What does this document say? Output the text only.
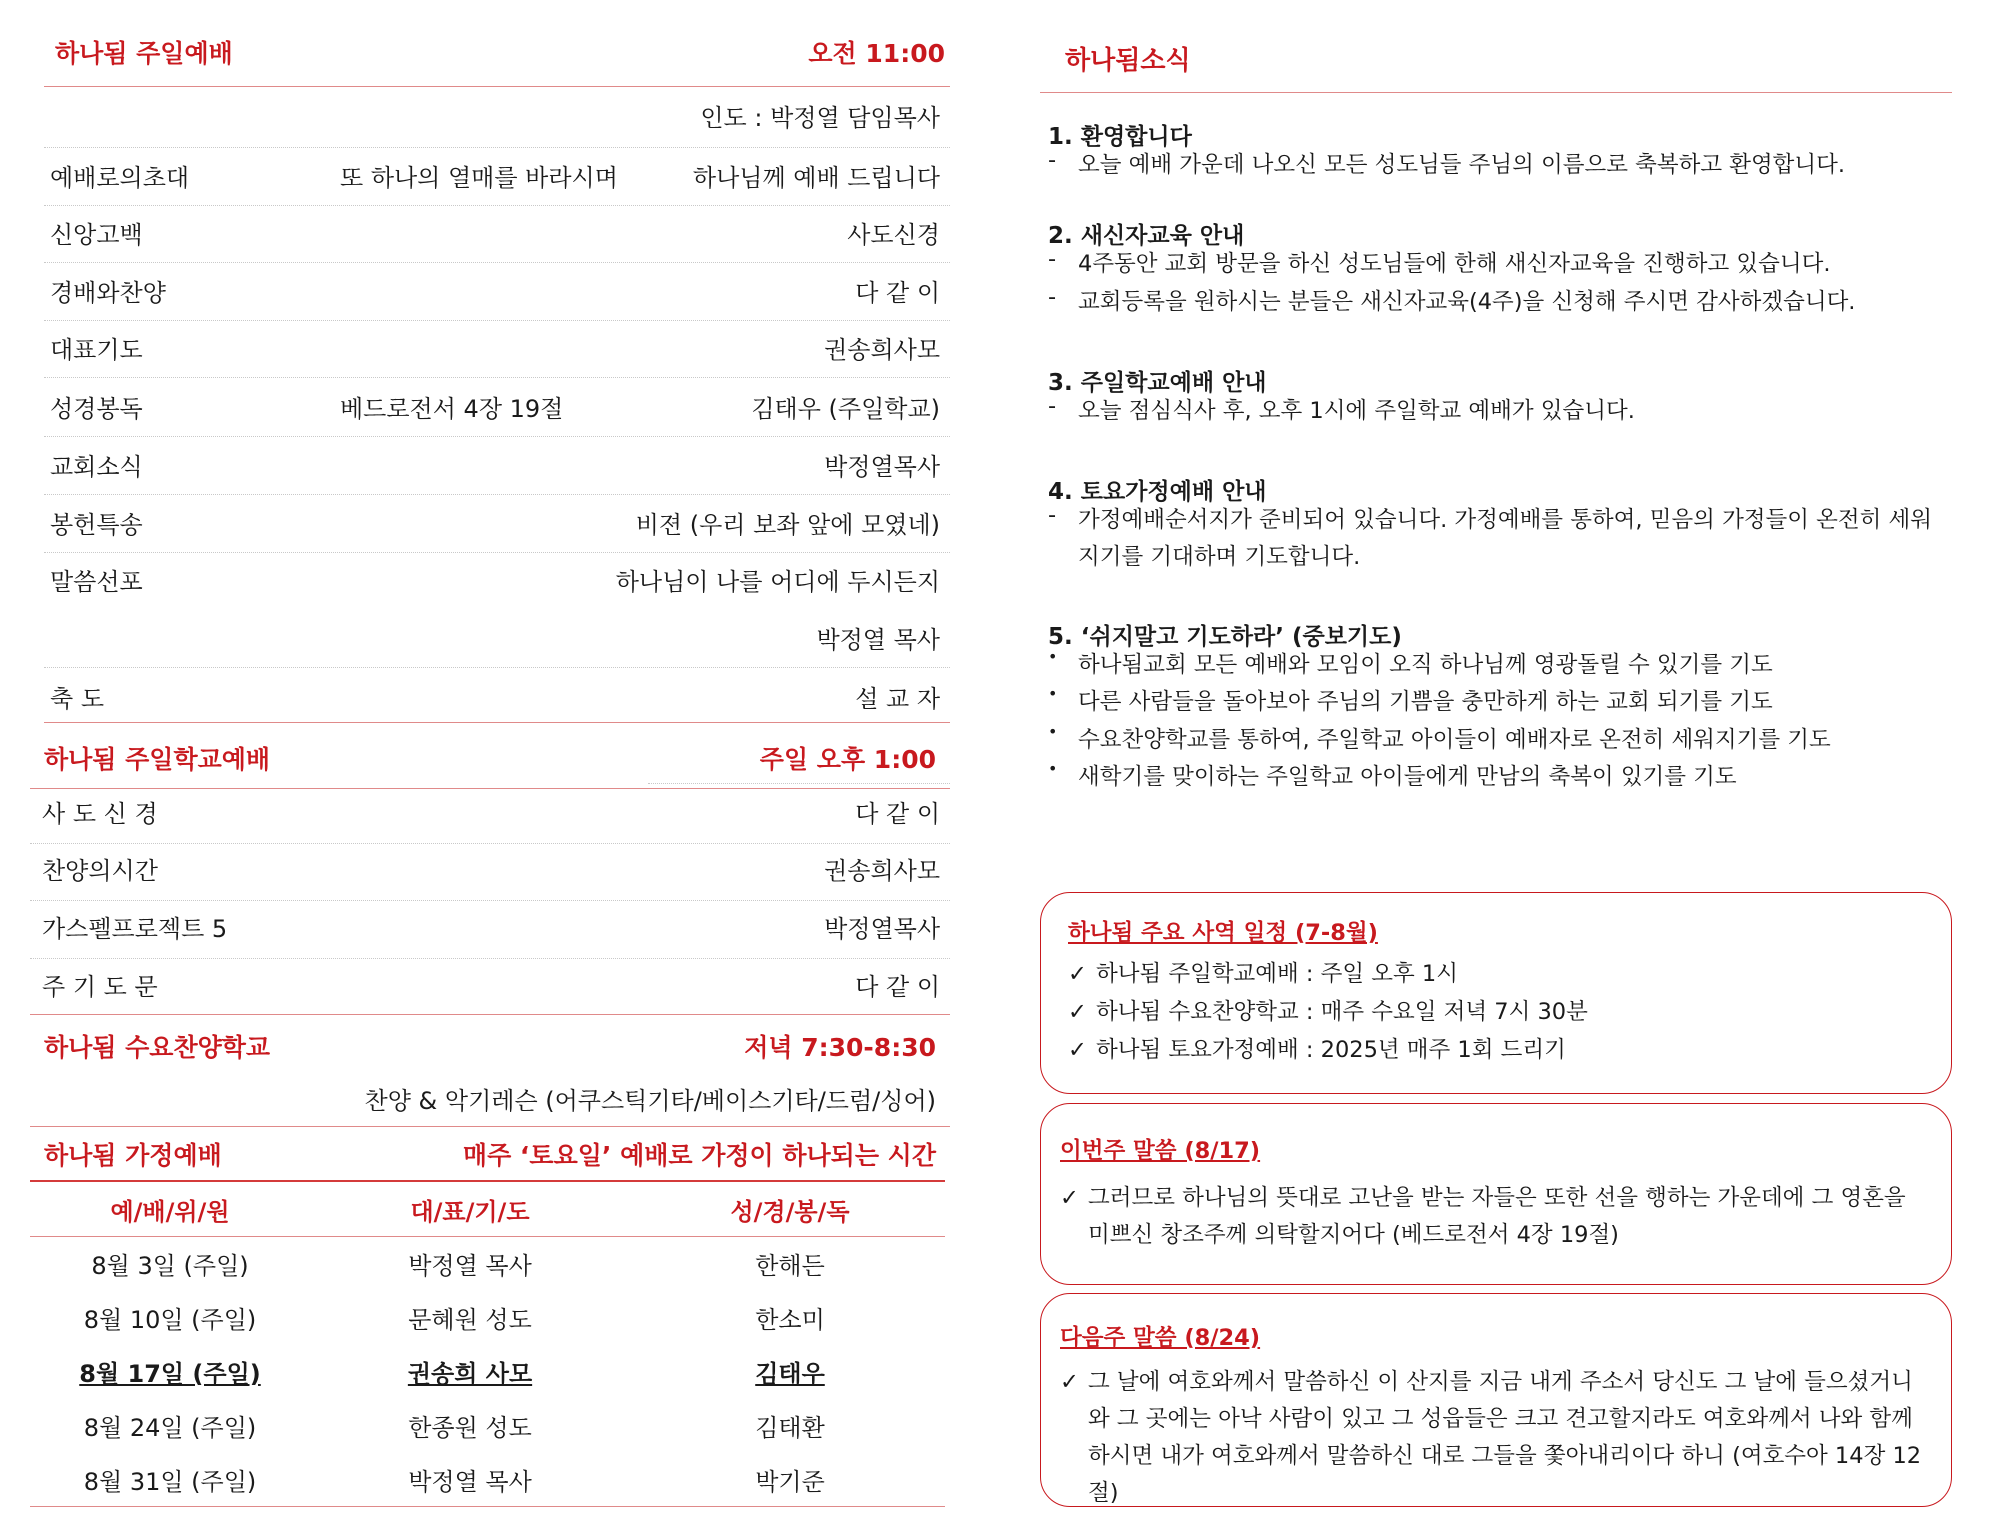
하나됨 주일예배	오전 11:00
인도 : 박정열 담임목사
예배로의초대	또 하나의 열매를 바라시며	하나님께 예배 드립니다
신앙고백	사도신경
경배와찬양	다 같 이
대표기도	권송희사모
성경봉독	베드로전서 4장 19절	김태우 (주일학교)
교회소식	박정열목사
봉헌특송	비젼 (우리 보좌 앞에 모였네)
말씀선포	하나님이 나를 어디에 두시든지
박정열 목사
축 도	설 교 자
하나됨 주일학교예배	주일 오후 1:00
사 도 신 경	다 같 이
찬양의시간	권송희사모
가스펠프로젝트 5	박정열목사
주 기 도 문	다 같 이
하나됨 수요찬양학교	저녁 7:30-8:30
찬양 & 악기레슨 (어쿠스틱기타/베이스기타/드럼/싱어)
하나됨 가정예배	매주 ‘토요일’ 예배로 가정이 하나되는 시간
예/배/위/원	대/표/기/도	성/경/봉/독
8월 3일 (주일)	박정열 목사	한해든
8월 10일 (주일)	문혜원 성도	한소미
8월 17일 (주일)	권송희 사모	김태우
8월 24일 (주일)	한종원 성도	김태환
8월 31일 (주일)	박정열 목사	박기준
하나됨소식
1. 환영합니다
- 오늘 예배 가운데 나오신 모든 성도님들 주님의 이름으로 축복하고 환영합니다.
2. 새신자교육 안내
- 4주동안 교회 방문을 하신 성도님들에 한해 새신자교육을 진행하고 있습니다.
- 교회등록을 원하시는 분들은 새신자교육(4주)을 신청해 주시면 감사하겠습니다.
3. 주일학교예배 안내
- 오늘 점심식사 후, 오후 1시에 주일학교 예배가 있습니다.
4. 토요가정예배 안내
- 가정예배순서지가 준비되어 있습니다. 가정예배를 통하여, 믿음의 가정들이 온전히 세워지기를 기대하며 기도합니다.
5. ‘쉬지말고 기도하라’ (중보기도)
• 하나됨교회 모든 예배와 모임이 오직 하나님께 영광돌릴 수 있기를 기도
• 다른 사람들을 돌아보아 주님의 기쁨을 충만하게 하는 교회 되기를 기도
• 수요찬양학교를 통하여, 주일학교 아이들이 예배자로 온전히 세워지기를 기도
• 새학기를 맞이하는 주일학교 아이들에게 만남의 축복이 있기를 기도
하나됨 주요 사역 일정 (7-8월)
✓ 하나됨 주일학교예배 : 주일 오후 1시
✓ 하나됨 수요찬양학교 : 매주 수요일 저녁 7시 30분
✓ 하나됨 토요가정예배 : 2025년 매주 1회 드리기
이번주 말씀 (8/17)
✓ 그러므로 하나님의 뜻대로 고난을 받는 자들은 또한 선을 행하는 가운데에 그 영혼을 미쁘신 창조주께 의탁할지어다 (베드로전서 4장 19절)
다음주 말씀 (8/24)
✓ 그 날에 여호와께서 말씀하신 이 산지를 지금 내게 주소서 당신도 그 날에 들으셨거니와 그 곳에는 아낙 사람이 있고 그 성읍들은 크고 견고할지라도 여호와께서 나와 함께 하시면 내가 여호와께서 말씀하신 대로 그들을 쫓아내리이다 하니 (여호수아 14장 12절)
